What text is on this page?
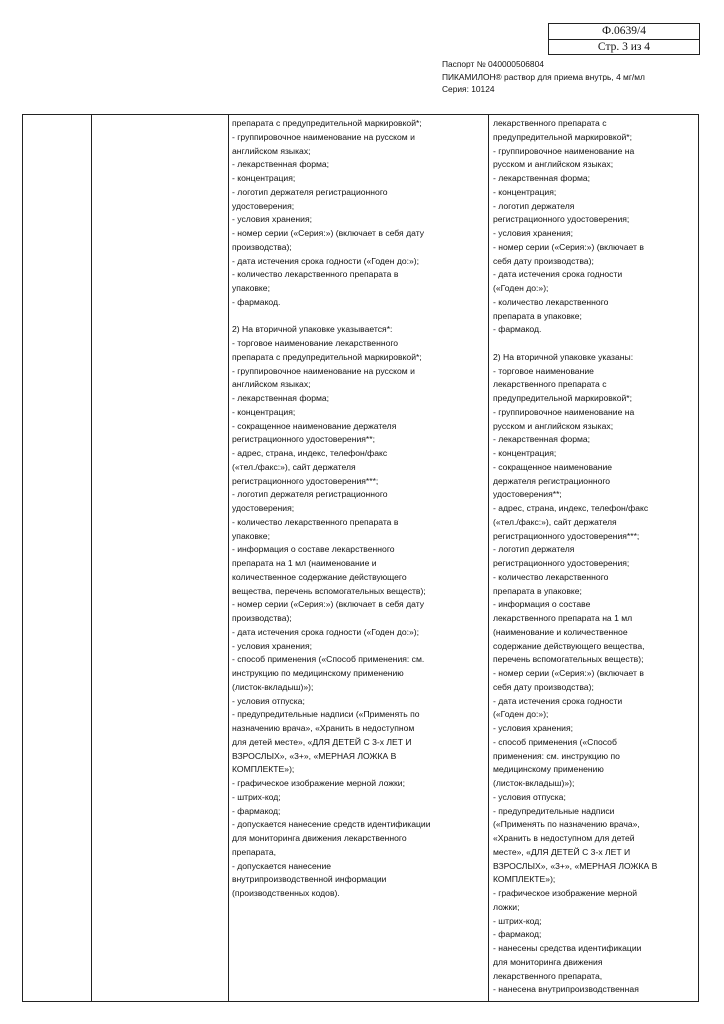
Ф.0639/4
Стр. 3 из 4
Паспорт № 040000506804
ПИКАМИЛОН® раствор для приема внутрь, 4 мг/мл
Серия: 10124
препарата с предупредительной маркировкой*;
- группировочное наименование на русском и
английском языках;
- лекарственная форма;
- концентрация;
- логотип держателя регистрационного
удостоверения;
- условия хранения;
- номер серии («Серия:») (включает в себя дату
производства);
- дата истечения срока годности («Годен до:»);
- количество лекарственного препарата в
упаковке;
- фармакод.
2) На вторичной упаковке указывается*:
- торговое наименование лекарственного
препарата с предупредительной маркировкой*;
- группировочное наименование на русском и
английском языках;
- лекарственная форма;
- концентрация;
- сокращенное наименование держателя
регистрационного удостоверения**;
- адрес, страна, индекс, телефон/факс
(«тел./факс:»), сайт держателя
регистрационного удостоверения***;
- логотип держателя регистрационного
удостоверения;
- количество лекарственного препарата в
упаковке;
- информация о составе лекарственного
препарата на 1 мл (наименование и
количественное содержание действующего
вещества, перечень вспомогательных веществ);
- номер серии («Серия:») (включает в себя дату
производства);
- дата истечения срока годности («Годен до:»);
- условия хранения;
- способ применения («Способ применения: см.
инструкцию по медицинскому применению
(листок-вкладыш)»);
- условия отпуска;
- предупредительные надписи («Применять по
назначению врача», «Хранить в недоступном
для детей месте», «ДЛЯ ДЕТЕЙ С 3-х ЛЕТ И
ВЗРОСЛЫХ», «3+», «МЕРНАЯ ЛОЖКА В
КОМПЛЕКТЕ»);
- графическое изображение мерной ложки;
- штрих-код;
- фармакод;
- допускается нанесение средств идентификации
для мониторинга движения лекарственного
препарата,
- допускается нанесение
внутрипроизводственной информации
(производственных кодов).
лекарственного препарата с
предупредительной маркировкой*;
- группировочное наименование на
русском и английском языках;
- лекарственная форма;
- концентрация;
- логотип держателя
регистрационного удостоверения;
- условия хранения;
- номер серии («Серия:») (включает в
себя дату производства);
- дата истечения срока годности
(«Годен до:»);
- количество лекарственного
препарата в упаковке;
- фармакод.
2) На вторичной упаковке указаны:
- торговое наименование
лекарственного препарата с
предупредительной маркировкой*;
- группировочное наименование на
русском и английском языках;
- лекарственная форма;
- концентрация;
- сокращенное наименование
держателя регистрационного
удостоверения**;
- адрес, страна, индекс, телефон/факс
(«тел./факс:»), сайт держателя
регистрационного удостоверения***;
- логотип держателя
регистрационного удостоверения;
- количество лекарственного
препарата в упаковке;
- информация о составе
лекарственного препарата на 1 мл
(наименование и количественное
содержание действующего вещества,
перечень вспомогательных веществ);
- номер серии («Серия:») (включает в
себя дату производства);
- дата истечения срока годности
(«Годен до:»);
- условия хранения;
- способ применения («Способ
применения: см. инструкцию по
медицинскому применению
(листок-вкладыш)»);
- условия отпуска;
- предупредительные надписи
(«Применять по назначению врача»,
«Хранить в недоступном для детей
месте», «ДЛЯ ДЕТЕЙ С 3-х ЛЕТ И
ВЗРОСЛЫХ», «3+», «МЕРНАЯ ЛОЖКА В
КОМПЛЕКТЕ»);
- графическое изображение мерной
ложки;
- штрих-код;
- фармакод;
- нанесены средства идентификации
для мониторинга движения
лекарственного препарата,
- нанесена внутрипроизводственная
